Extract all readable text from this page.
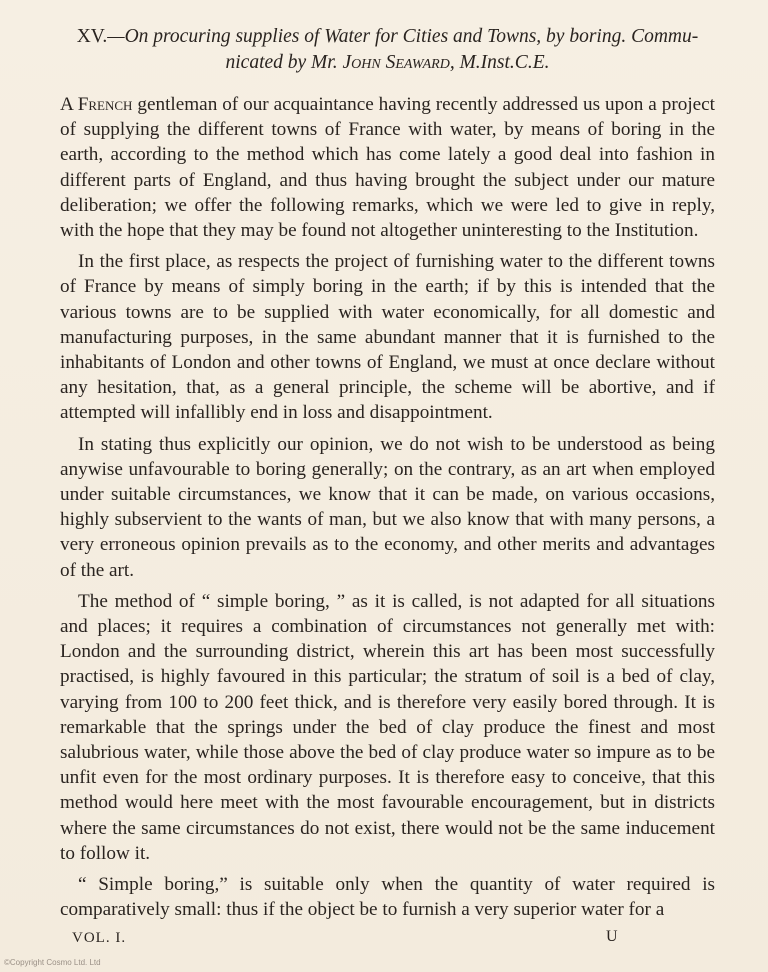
XV.—On procuring supplies of Water for Cities and Towns, by boring. Commu-
nicated by Mr. John Seaward, M.Inst.C.E.

A French gentleman of our acquaintance having recently addressed us upon a project of supplying the different towns of France with water, by means of boring in the earth, according to the method which has come lately a good deal into fashion in different parts of England, and thus having brought the subject under our mature deliberation; we offer the following remarks, which we were led to give in reply, with the hope that they may be found not altogether uninteresting to the Institution.

In the first place, as respects the project of furnishing water to the different towns of France by means of simply boring in the earth; if by this is intended that the various towns are to be supplied with water economically, for all domestic and manufacturing purposes, in the same abundant manner that it is furnished to the inhabitants of London and other towns of England, we must at once declare without any hesitation, that, as a general principle, the scheme will be abortive, and if attempted will infallibly end in loss and disappointment.

In stating thus explicitly our opinion, we do not wish to be understood as being anywise unfavourable to boring generally; on the contrary, as an art when employed under suitable circumstances, we know that it can be made, on various occasions, highly subservient to the wants of man, but we also know that with many persons, a very erroneous opinion prevails as to the economy, and other merits and advantages of the art.

The method of “ simple boring, ” as it is called, is not adapted for all situations and places; it requires a combination of circumstances not generally met with: London and the surrounding district, wherein this art has been most successfully practised, is highly favoured in this particular; the stratum of soil is a bed of clay, varying from 100 to 200 feet thick, and is therefore very easily bored through. It is remarkable that the springs under the bed of clay produce the finest and most salubrious water, while those above the bed of clay produce water so impure as to be unfit even for the most ordinary purposes. It is therefore easy to conceive, that this method would here meet with the most favourable encouragement, but in districts where the same circumstances do not exist, there would not be the same inducement to follow it.

“ Simple boring,” is suitable only when the quantity of water required is comparatively small: thus if the object be to furnish a very superior water for a

VOL. I.	U
©Copyright Cosmo Ltd. Ltd
